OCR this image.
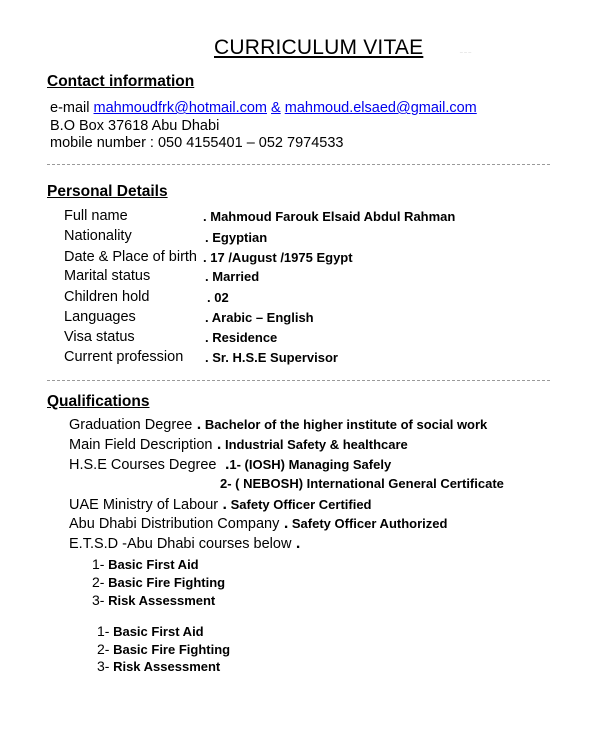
CURRICULUM VITAE	_ _ _
Contact information
e-mail mahmoudfrk@hotmail.com & mahmoud.elsaed@gmail.com
B.O Box 37618 Abu Dhabi
mobile number : 050 4155401 – 052 7974533
Personal Details
Full name	. Mahmoud Farouk Elsaid Abdul Rahman
Nationality	. Egyptian
Date & Place of birth . 17 /August /1975 Egypt
Marital status	. Married
Children hold	. 02
Languages	. Arabic – English
Visa status	. Residence
Current profession . Sr. H.S.E Supervisor
Qualifications
Graduation Degree . Bachelor of the higher institute of social work
Main Field Description . Industrial Safety & healthcare
H.S.E Courses Degree .1- (IOSH) Managing Safely
2- ( NEBOSH) International General Certificate
UAE Ministry of Labour . Safety Officer Certified
Abu Dhabi Distribution Company . Safety Officer Authorized
E.T.S.D -Abu Dhabi courses below .
1- Basic First Aid
2- Basic Fire Fighting
3- Risk Assessment
1- Basic First Aid
2- Basic Fire Fighting
3- Risk Assessment
